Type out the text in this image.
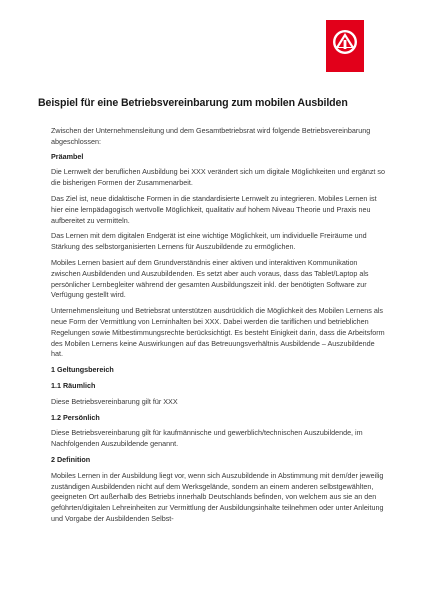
Beispiel für eine Betriebsvereinbarung zum mobilen Ausbilden

Zwischen der Unternehmensleitung und dem Gesamtbetriebsrat wird folgende Betriebsvereinbarung abgeschlossen:

Präambel

Die Lernwelt der beruflichen Ausbildung bei XXX verändert sich um digitale Möglichkeiten und ergänzt so die bisherigen Formen der Zusammenarbeit.

Das Ziel ist, neue didaktische Formen in die standardisierte Lernwelt zu integrieren. Mobiles Lernen ist hier eine lernpädagogisch wertvolle Möglichkeit, qualitativ auf hohem Niveau Theorie und Praxis neu aufbereitet zu vermitteln.

Das Lernen mit dem digitalen Endgerät ist eine wichtige Möglichkeit, um individuelle Freiräume und Stärkung des selbstorganisierten Lernens für Auszubildende zu ermöglichen.

Mobiles Lernen basiert auf dem Grundverständnis einer aktiven und interaktiven Kommunikation zwischen Ausbildenden und Auszubildenden. Es setzt aber auch voraus, dass das Tablet/Laptop als persönlicher Lernbegleiter während der gesamten Ausbildungszeit inkl. der benötigten Software zur Verfügung gestellt wird.

Unternehmensleitung und Betriebsrat unterstützen ausdrücklich die Möglichkeit des Mobilen Lernens als neue Form der Vermittlung von Lerninhalten bei XXX. Dabei werden die tariflichen und betrieblichen Regelungen sowie Mitbestimmungsrechte berücksichtigt. Es besteht Einigkeit darin, dass die Arbeitsform des Mobilen Lernens keine Auswirkungen auf das Betreuungsverhältnis Ausbildende – Auszubildende hat.

1 Geltungsbereich
1.1 Räumlich

Diese Betriebsvereinbarung gilt für XXX

1.2 Persönlich

Diese Betriebsvereinbarung gilt für kaufmännische und gewerblich/technischen Auszubildende, im Nachfolgenden Auszubildende genannt.

2 Definition

Mobiles Lernen in der Ausbildung liegt vor, wenn sich Auszubildende in Abstimmung mit dem/der jeweilig zuständigen Ausbildenden nicht auf dem Werksgelände, sondern an einem anderen selbstgewählten, geeigneten Ort außerhalb des Betriebs innerhalb Deutschlands befinden, von welchem aus sie an den geführten/digitalen Lehreinheiten zur Vermittlung der Ausbildungsinhalte teilnehmen oder unter Anleitung und Vorgabe der Ausbildenden Selbst-
